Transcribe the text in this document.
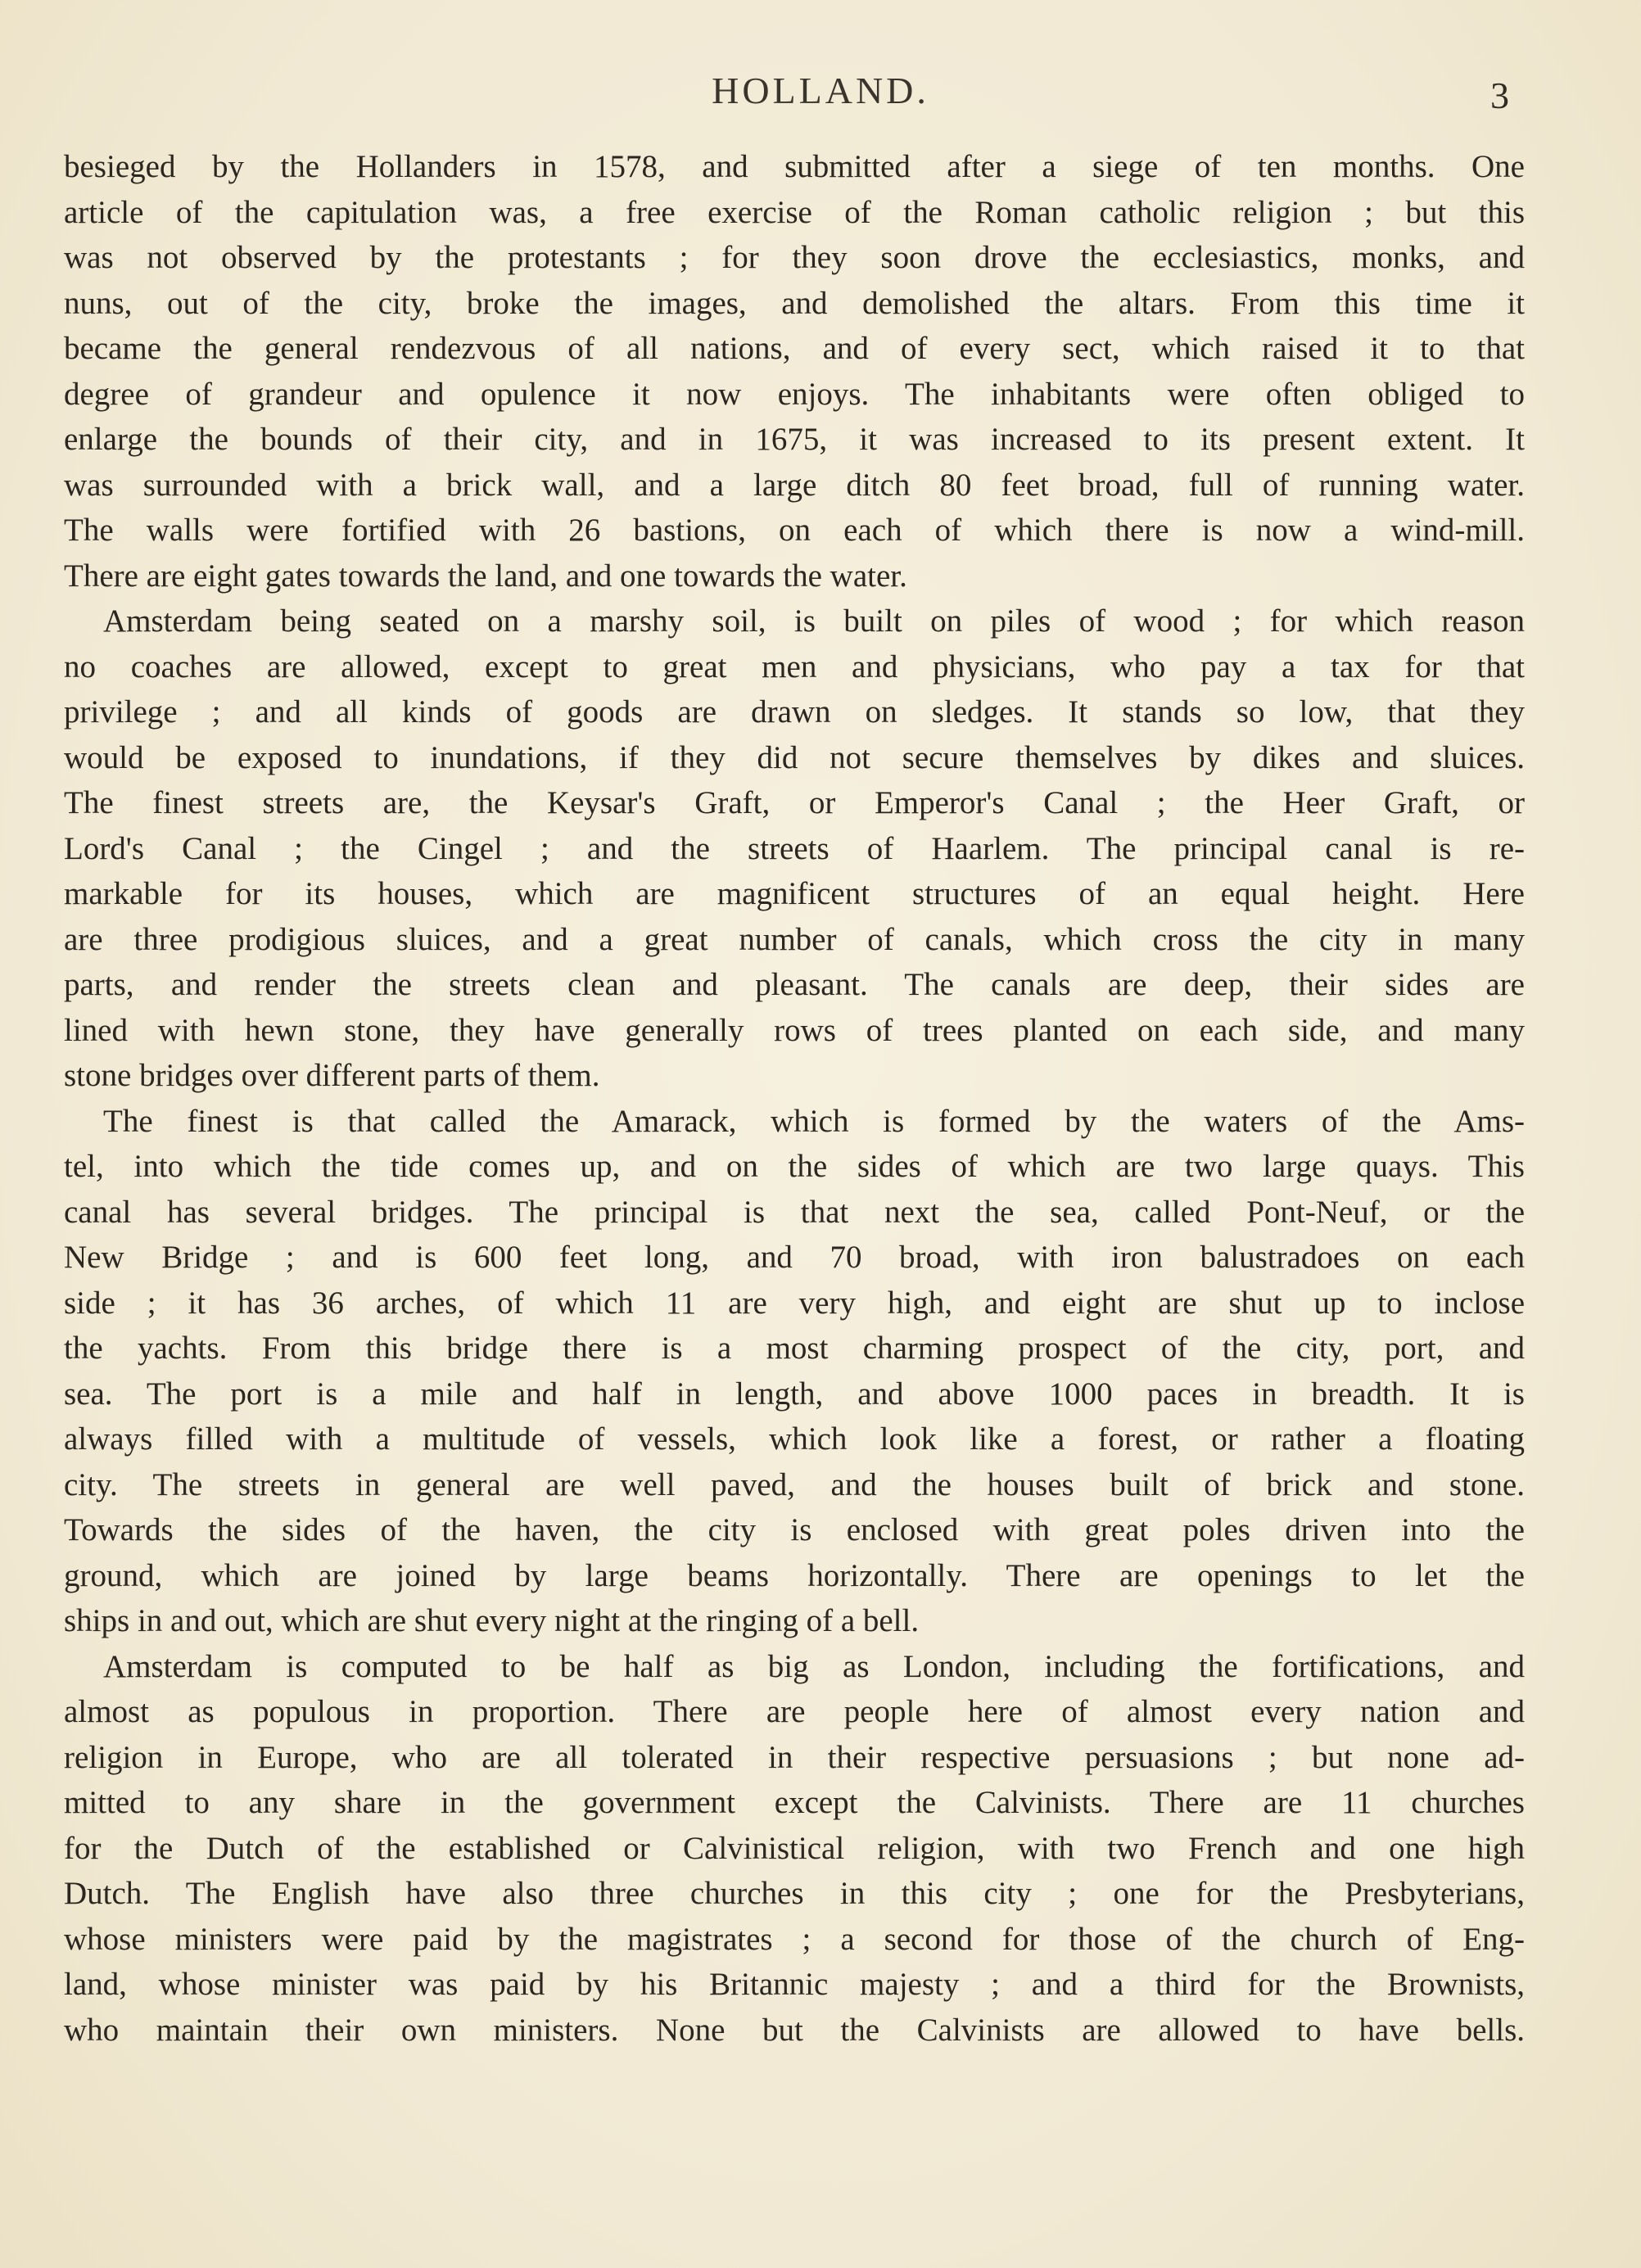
HOLLAND.	3
besieged by the Hollanders in 1578, and submitted after a siege of ten months. One
article of the capitulation was, a free exercise of the Roman catholic religion ; but this
was not observed by the protestants ; for they soon drove the ecclesiastics, monks, and
nuns, out of the city, broke the images, and demolished the altars. From this time it
became the general rendezvous of all nations, and of every sect, which raised it to that
degree of grandeur and opulence it now enjoys. The inhabitants were often obliged to
enlarge the bounds of their city, and in 1675, it was increased to its present extent. It
was surrounded with a brick wall, and a large ditch 80 feet broad, full of running water.
The walls were fortified with 26 bastions, on each of which there is now a wind-mill.
There are eight gates towards the land, and one towards the water.
Amsterdam being seated on a marshy soil, is built on piles of wood ; for which reason
no coaches are allowed, except to great men and physicians, who pay a tax for that
privilege ; and all kinds of goods are drawn on sledges. It stands so low, that they
would be exposed to inundations, if they did not secure themselves by dikes and sluices.
The finest streets are, the Keysar's Graft, or Emperor's Canal ; the Heer Graft, or
Lord's Canal ; the Cingel ; and the streets of Haarlem. The principal canal is re-
markable for its houses, which are magnificent structures of an equal height. Here
are three prodigious sluices, and a great number of canals, which cross the city in many
parts, and render the streets clean and pleasant. The canals are deep, their sides are
lined with hewn stone, they have generally rows of trees planted on each side, and many
stone bridges over different parts of them.
The finest is that called the Amarack, which is formed by the waters of the Ams-
tel, into which the tide comes up, and on the sides of which are two large quays. This
canal has several bridges. The principal is that next the sea, called Pont-Neuf, or the
New Bridge ; and is 600 feet long, and 70 broad, with iron balustradoes on each
side ; it has 36 arches, of which 11 are very high, and eight are shut up to inclose
the yachts. From this bridge there is a most charming prospect of the city, port, and
sea. The port is a mile and half in length, and above 1000 paces in breadth. It is
always filled with a multitude of vessels, which look like a forest, or rather a floating
city. The streets in general are well paved, and the houses built of brick and stone.
Towards the sides of the haven, the city is enclosed with great poles driven into the
ground, which are joined by large beams horizontally. There are openings to let the
ships in and out, which are shut every night at the ringing of a bell.
Amsterdam is computed to be half as big as London, including the fortifications, and
almost as populous in proportion. There are people here of almost every nation and
religion in Europe, who are all tolerated in their respective persuasions ; but none ad-
mitted to any share in the government except the Calvinists. There are 11 churches
for the Dutch of the established or Calvinistical religion, with two French and one high
Dutch. The English have also three churches in this city ; one for the Presbyterians,
whose ministers were paid by the magistrates ; a second for those of the church of Eng-
land, whose minister was paid by his Britannic majesty ; and a third for the Brownists,
who maintain their own ministers. None but the Calvinists are allowed to have bells.
